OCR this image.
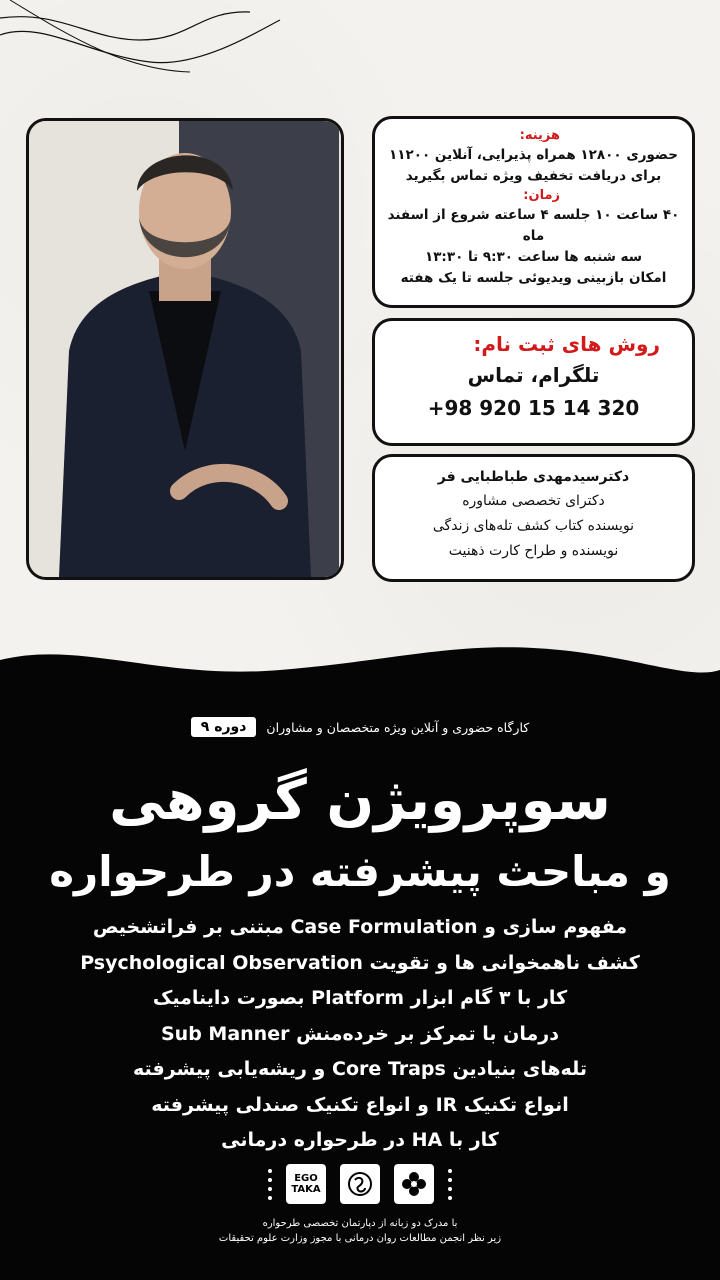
هزینه:
حضوری ۱۲۸۰۰ همراه پذیرایی، آنلاین ۱۱۲۰۰
برای دریافت تخفیف ویژه تماس بگیرید
زمان:
۴۰ ساعت ۱۰ جلسه ۴ ساعته شروع از اسفند ماه
سه شنبه ها ساعت ۹:۳۰ تا ۱۳:۳۰
امکان بازبینی ویدیوئی جلسه تا یک هفته
روش های ثبت نام:
تلگرام، تماس
+98 920 15 14 320
دکترسیدمهدی طباطبایی فر
دکترای تخصصی مشاوره
نویسنده کتاب کشف تله‌های زندگی
نویسنده و طراح کارت ذهنیت
کارگاه حضوری و آنلاین ویژه متخصصان و مشاوران
دوره ۹
سوپرویژن گروهی
و مباحث پیشرفته در طرحواره
مفهوم سازی و Case Formulation مبتنی بر فراتشخیص
کشف ناهمخوانی ها و تقویت Psychological Observation
کار با ۳ گام ابزار Platform بصورت داینامیک
درمان با تمرکز بر خرده‌منش Sub Manner
تله‌های بنیادین Core Traps و ریشه‌یابی پیشرفته
انواع تکنیک IR و انواع تکنیک صندلی پیشرفته
کار با HA در طرحواره درمانی
EGO
TAKA
با مدرک دو زبانه از دپارتمان تخصصی طرحواره
زیر نظر انجمن مطالعات روان درمانی با مجوز وزارت علوم تحقیقات
